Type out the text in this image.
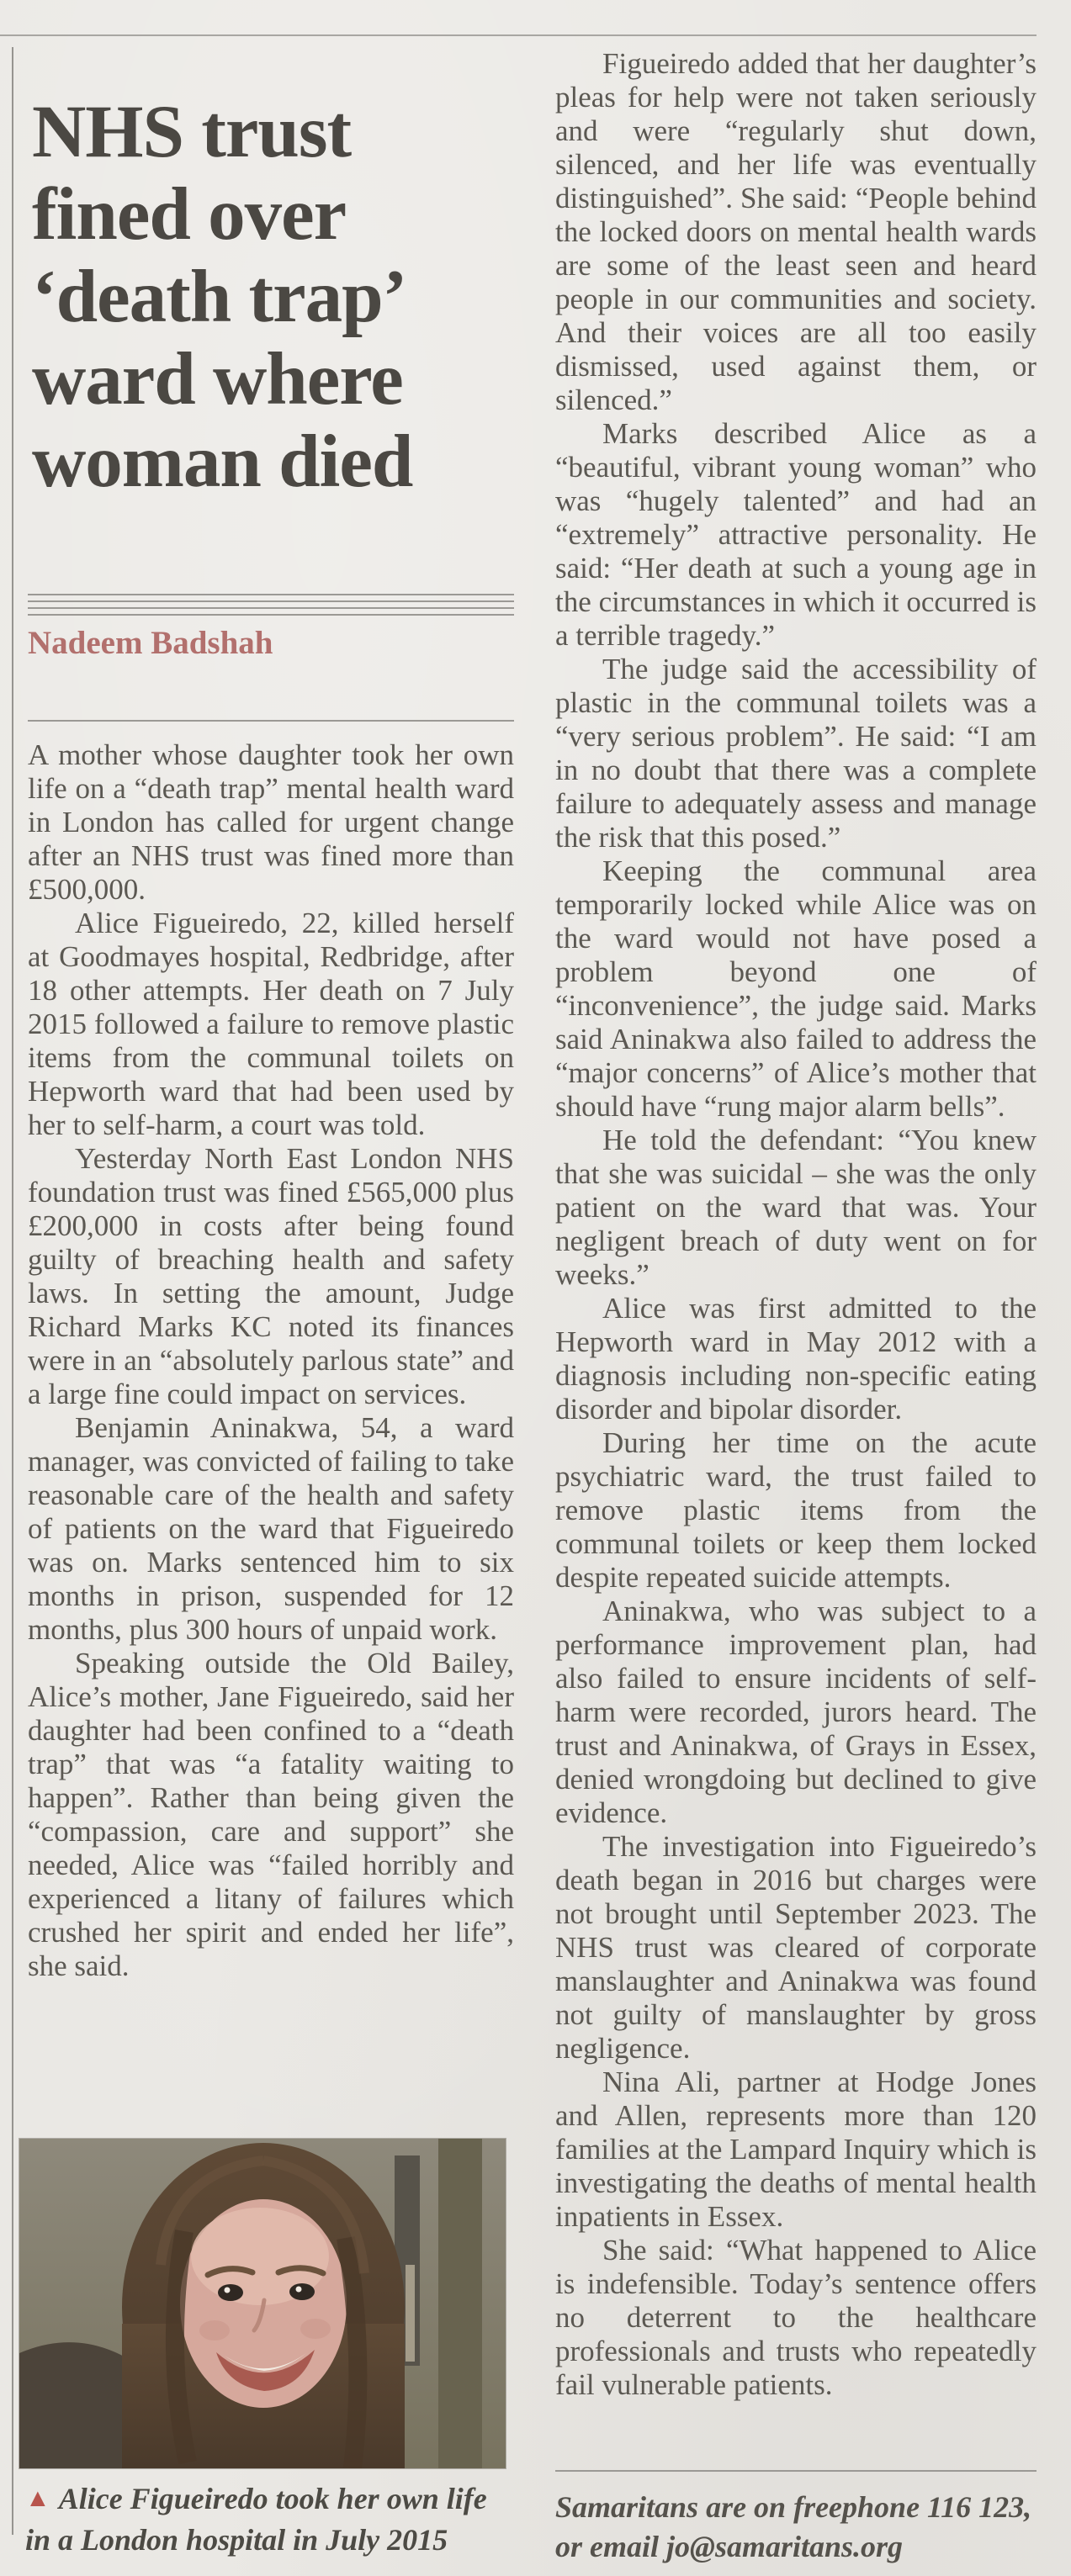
NHS trust fined over ‘death trap’ ward where woman died
Nadeem Badshah

A mother whose daughter took her own life on a “death trap” mental health ward in London has called for urgent change after an NHS trust was fined more than £500,000.

Alice Figueiredo, 22, killed herself at Goodmayes hospital, Redbridge, after 18 other attempts. Her death on 7 July 2015 followed a failure to remove plastic items from the communal toilets on Hepworth ward that had been used by her to self-harm, a court was told.

Yesterday North East London NHS foundation trust was fined £565,000 plus £200,000 in costs after being found guilty of breaching health and safety laws. In setting the amount, Judge Richard Marks KC noted its finances were in an “absolutely parlous state” and a large fine could impact on services.

Benjamin Aninakwa, 54, a ward manager, was convicted of failing to take reasonable care of the health and safety of patients on the ward that Figueiredo was on. Marks sentenced him to six months in prison, suspended for 12 months, plus 300 hours of unpaid work.

Speaking outside the Old Bailey, Alice’s mother, Jane Figueiredo, said her daughter had been confined to a “death trap” that was “a fatality waiting to happen”. Rather than being given the “compassion, care and support” she needed, Alice was “failed horribly and experienced a litany of failures which crushed her spirit and ended her life”, she said.

Figueiredo added that her daughter’s pleas for help were not taken seriously and were “regularly shut down, silenced, and her life was eventually distinguished”. She said: “People behind the locked doors on mental health wards are some of the least seen and heard people in our communities and society. And their voices are all too easily dismissed, used against them, or silenced.”

Marks described Alice as a “beautiful, vibrant young woman” who was “hugely talented” and had an “extremely” attractive personality. He said: “Her death at such a young age in the circumstances in which it occurred is a terrible tragedy.”

The judge said the accessibility of plastic in the communal toilets was a “very serious problem”. He said: “I am in no doubt that there was a complete failure to adequately assess and manage the risk that this posed.”

Keeping the communal area temporarily locked while Alice was on the ward would not have posed a problem beyond one of “inconvenience”, the judge said. Marks said Aninakwa also failed to address the “major concerns” of Alice’s mother that should have “rung major alarm bells”.

He told the defendant: “You knew that she was suicidal – she was the only patient on the ward that was. Your negligent breach of duty went on for weeks.”

Alice was first admitted to the Hepworth ward in May 2012 with a diagnosis including non-specific eating disorder and bipolar disorder.

During her time on the acute psychiatric ward, the trust failed to remove plastic items from the communal toilets or keep them locked despite repeated suicide attempts.

Aninakwa, who was subject to a performance improvement plan, had also failed to ensure incidents of self-harm were recorded, jurors heard. The trust and Aninakwa, of Grays in Essex, denied wrongdoing but declined to give evidence.

The investigation into Figueiredo’s death began in 2016 but charges were not brought until September 2023. The NHS trust was cleared of corporate manslaughter and Aninakwa was found not guilty of manslaughter by gross negligence.

Nina Ali, partner at Hodge Jones and Allen, represents more than 120 families at the Lampard Inquiry which is investigating the deaths of mental health inpatients in Essex.

She said: “What happened to Alice is indefensible. Today’s sentence offers no deterrent to the healthcare professionals and trusts who repeatedly fail vulnerable patients.

▲ Alice Figueiredo took her own life in a London hospital in July 2015
Samaritans are on freephone 116 123, or email jo@samaritans.org
